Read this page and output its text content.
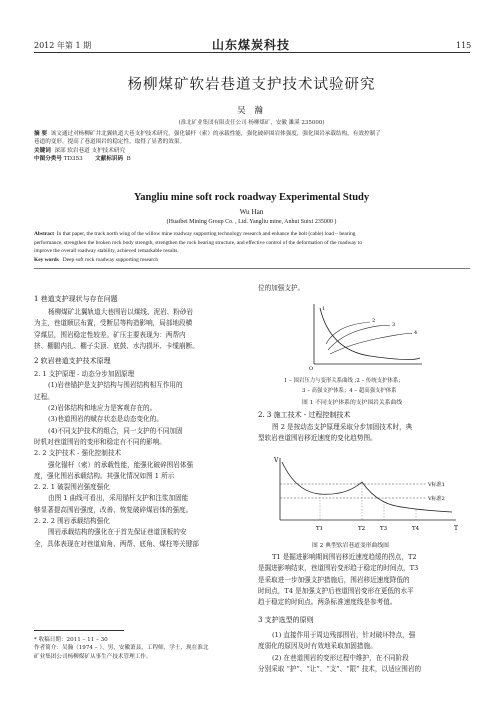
2012 年第 1 期	山东煤炭科技	115
杨柳煤矿软岩巷道支护技术试验研究
吴 瀚
(淮北矿业集团有限责任公司 杨柳煤矿，安徽 濉溪 235000)
摘 要 该文通过对杨柳矿井北翼轨道大巷支护技术研究，强化锚杆（索）的承载性能，强化破碎围岩体强度，强化围岩承载结构，有效控制了
巷道的变形，提高了巷道围岩的稳定性，取得了显著的效果。
关键词 深部 软岩巷道 支护技术研究
中图分类号 TD353 文献标识码 B
Yangliu mine soft rock roadway Experimental Study
Wu Han
(Huaibei Mining Group Co. , Ltd. Yangliu mine, Anhui Suixi 235000 )
Abstract In that paper, the track north wing of the willow mine roadway supporting technology research and enhance the bolt (cable) load – bearing
performance, strengthen the broken rock body strength, strengthen the rock bearing structure, and effective control of the deformation of the roadway to
improve the overall roadway stability, achieved remarkable results.
Key words Deep soft rock roadway supporting research
1 巷道支护现状与存在问题
杨柳煤矿北翼轨道大巷围岩以煤线、泥岩、粉砂岩
为主，巷道顺层布置，受断层等构造影响，局部地段横
穿煤层，围岩稳定性较差。矿压主要表现为：两帮内
挤、棚腿内扎、棚子尖顶、底鼓、水沟损坏、卡缆崩断。
2 软岩巷道支护技术原理
2. 1 支护原理 - 动态分步加固原理
(1)岩巷锚护是支护结构与围岩结构相互作用的
过程。
(2)岩体结构和地应力是客观存在的。
(3)巷道围岩的赋存状态是动态变化的。
(4)不同支护技术的组合，同一支护的不同加固
时机对巷道围岩的变形和稳定有不同的影响。
2. 2 支护技术 - 强化控制技术
强化锚杆（索）的承载性能，能强化破碎围岩体强
度，强化围岩承载结构。其强化情况如图 1 所示
2. 2. 1 破裂围岩强度强化
由图 1 曲线可看出，采用锚杆支护和注浆加固能
够显著提高围岩强度，改善、恢复破碎煤岩体的强度。
2. 2. 2 围岩承载结构强化
围岩承载结构的强化在于首先保证巷道顶板的安
全，具体表现在对巷道肩角、两帮、底角、煤柱等关键部
* 收稿日期：2011 – 11 – 30
作者简介：吴瀚（1974 – ），男，安徽萧县，工程师，学士，现在淮北
矿业集团公司杨柳煤矿从事生产技术管理工作。
位的加强支护。
O
1
2
3
4
1 – 围岩压力与变形关系曲线 ;2 – 传统支护体系；
3 – 高强支护体系；4 – 超高强支护体系
图 1 不同支护体系的支护围岩关系曲线
2. 3 施工技术 - 过程控制技术
图 2 是按动态支护原理采取分步加固技术时，典
型软岩巷道围岩移近速度的变化趋势图。
V
T
T1	T2	T3	T4
V标准1
V标准2
图 2 典型软岩巷道变形曲线图
T1 是掘进影响期间围岩移近速度趋缓的拐点，T2
是掘进影响结束，巷道围岩变形趋于稳定的时间点，T3
是采取进一步加强支护措施后，围岩移近速度降低的
时间点，T4 是加强支护后巷道围岩变形在更低的水平
趋于稳定的时间点。两条标准速度线是参考值。
3 支护选型的原则
(1) 直接作用于周边残部围岩，针对破坏特点，强
度弱化的原因及时有效地采取加固措施。
(2) 在巷道围岩的变形过程中维护，在不同阶段
分别采取 “护”、“让”、“支”、“限” 技术，以适应围岩的
